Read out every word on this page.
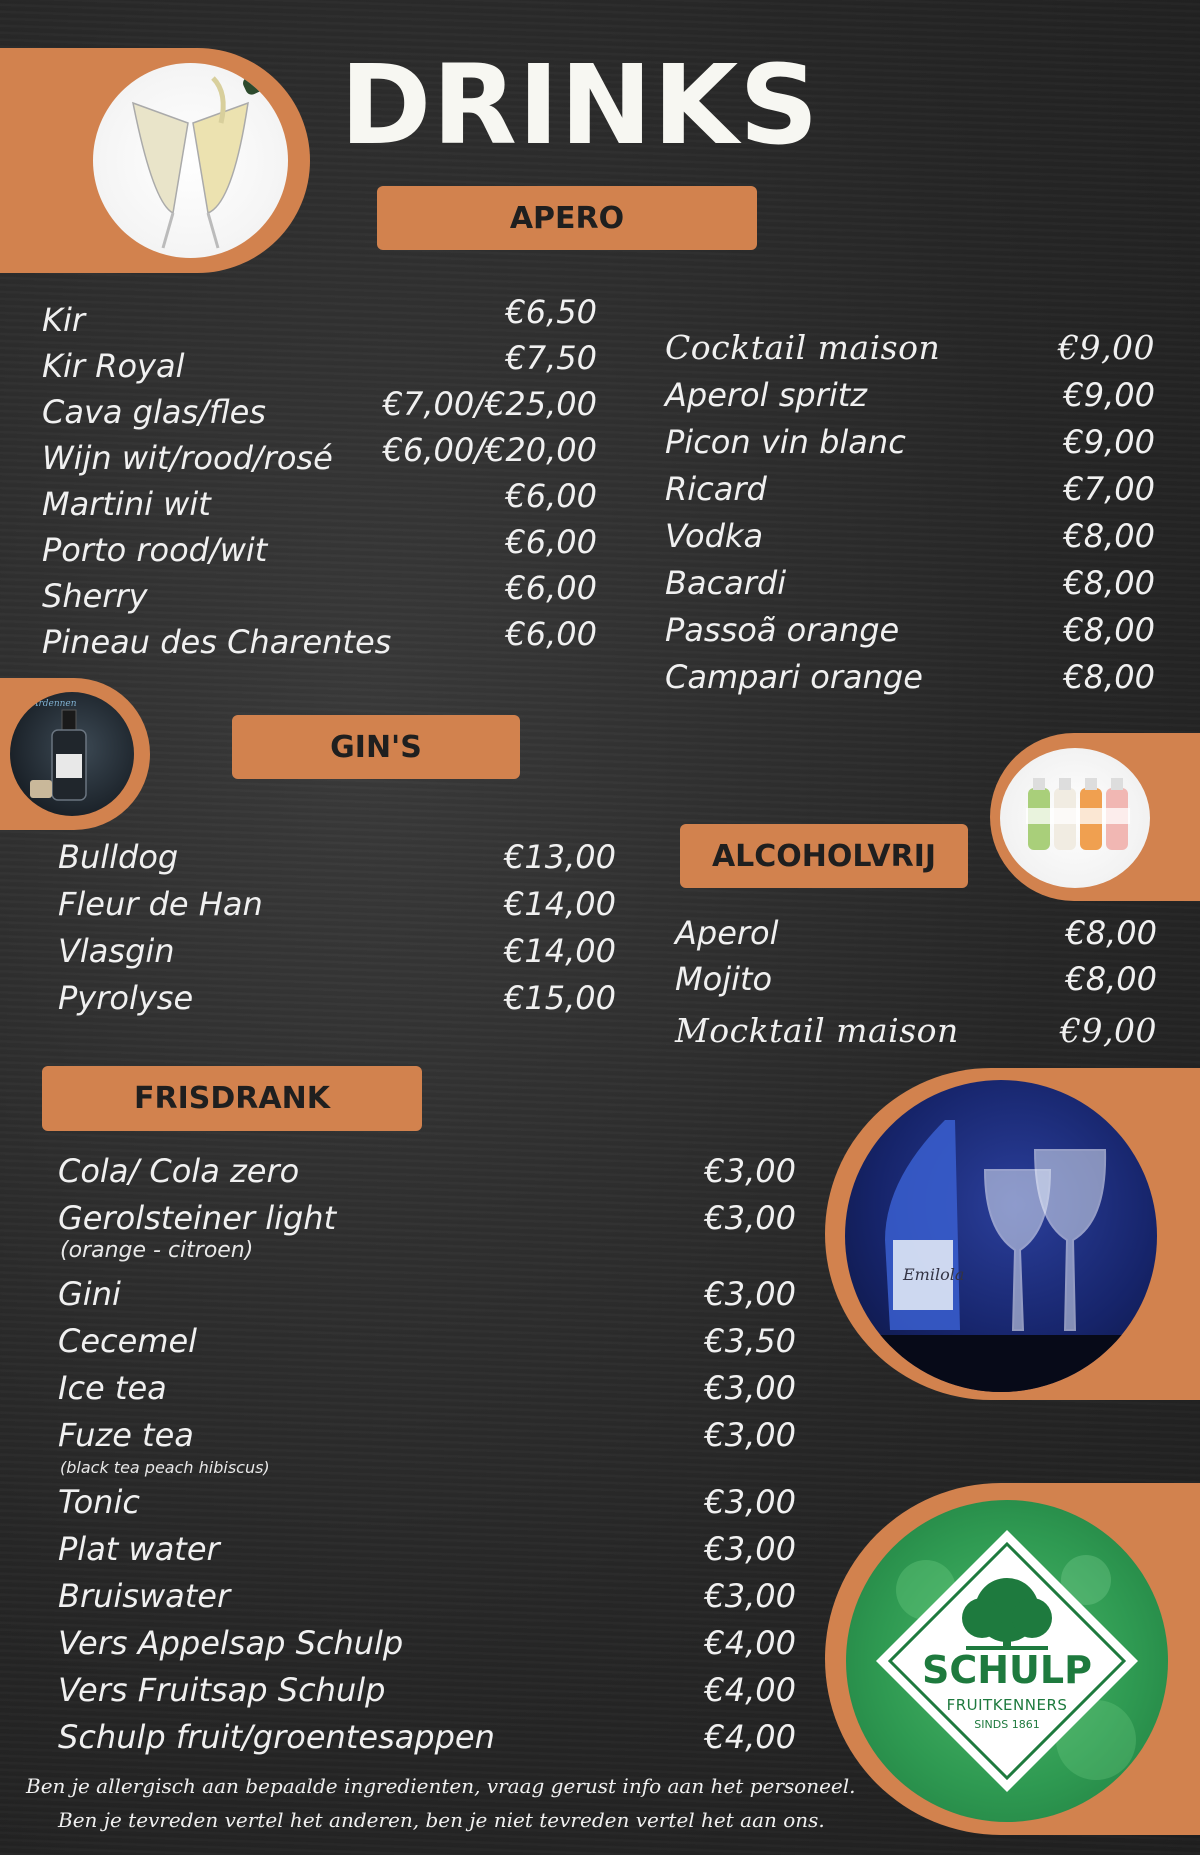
DRINKS
APERO
Kir	€6,50
Kir Royal	€7,50
Cava glas/fles	€7,00/€25,00
Wijn wit/rood/rosé €6,00/€20,00
Martini wit	€6,00
Porto rood/wit	€6,00
Sherry	€6,00
Pineau des Charentes	€6,00
Cocktail maison	€9,00
Aperol spritz	€9,00
Picon vin blanc	€9,00
Ricard	€7,00
Vodka	€8,00
Bacardi	€8,00
Passoã orange	€8,00
Campari orange	€8,00
de Ardennen
GIN'S
Bulldog	€13,00
Fleur de Han	€14,00
Vlasgin	€14,00
Pyrolyse	€15,00
ALCOHOLVRIJ
Aperol	€8,00
Mojito	€8,00
Mocktail maison	€9,00
FRISDRANK
Cola/ Cola zero	€3,00
Gerolsteiner light	€3,00
(orange - citroen)
Gini	€3,00
Cecemel	€3,50
Ice tea	€3,00
Fuze tea	€3,00
(black tea peach hibiscus)
Tonic	€3,00
Plat water	€3,00
Bruiswater	€3,00
Vers Appelsap Schulp	€4,00
Vers Fruitsap Schulp	€4,00
Schulp fruit/groentesappen	€4,00
Emilola
SCHULP
FRUITKENNERS
SINDS 1861
Ben je allergisch aan bepaalde ingredienten, vraag gerust info aan het personeel.
Ben je tevreden vertel het anderen, ben je niet tevreden vertel het aan ons.
